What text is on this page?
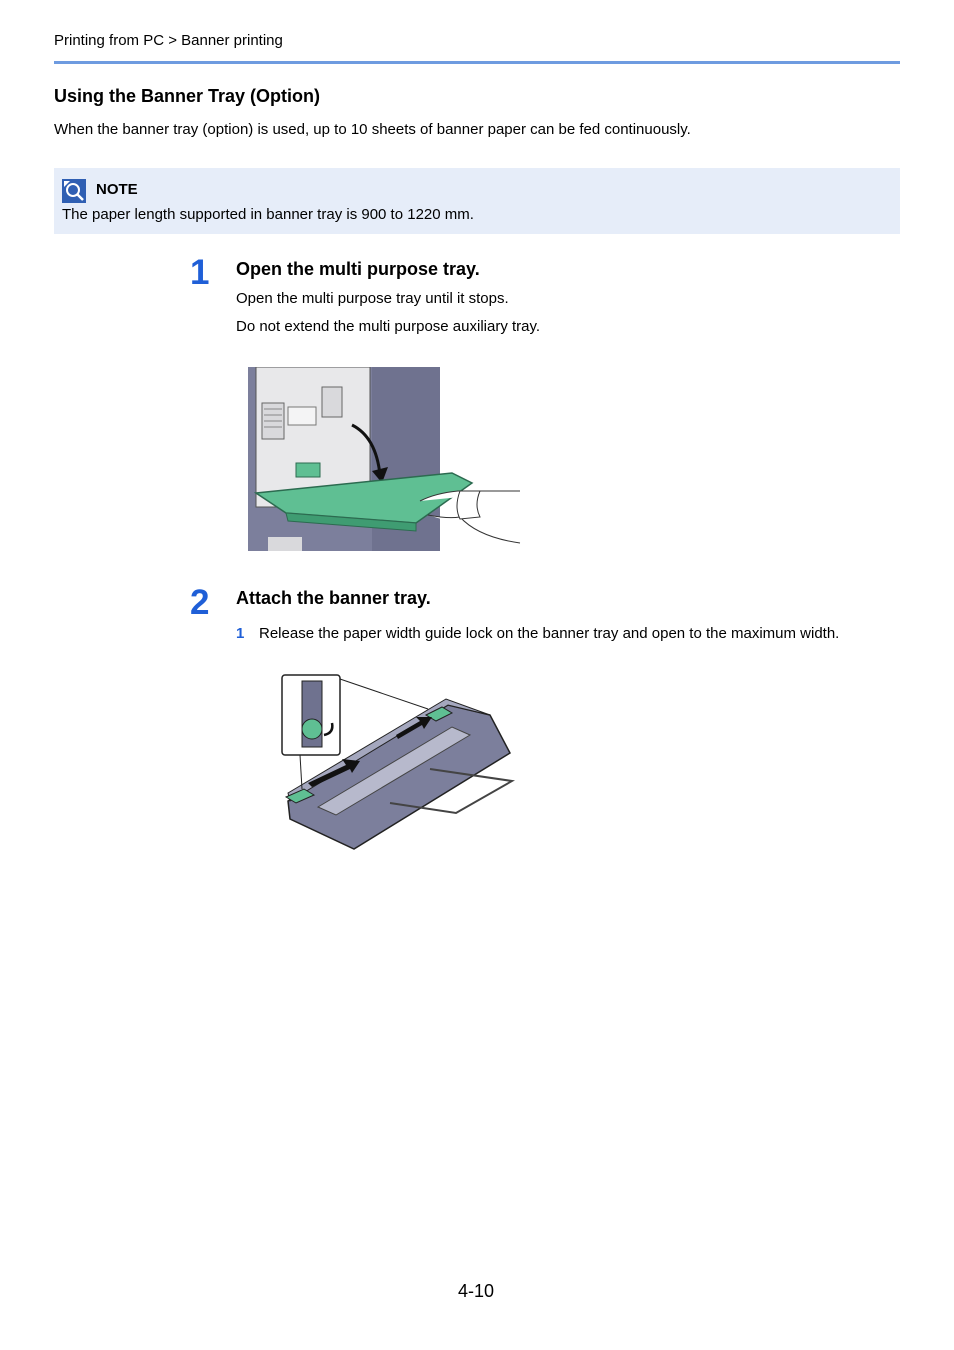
Printing from PC > Banner printing
Using the Banner Tray (Option)
When the banner tray (option) is used, up to 10 sheets of banner paper can be fed continuously.
NOTE
The paper length supported in banner tray is 900 to 1220 mm.
1 Open the multi purpose tray.
Open the multi purpose tray until it stops.
Do not extend the multi purpose auxiliary tray.
2 Attach the banner tray.
1 Release the paper width guide lock on the banner tray and open to the maximum width.
4-10
